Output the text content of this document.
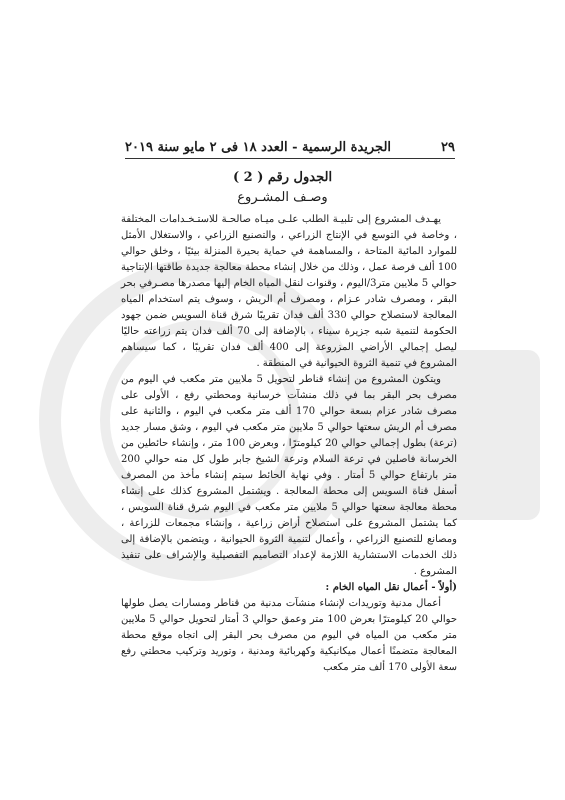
٢٩
الجريدة الرسمية - العدد ١٨ فى ٢ مايو سنة ٢٠١٩
الجدول رقم ( 2 )
وصـف المشـروع

يهـدف المشروع إلى تلبيـة الطلب علـى ميـاه صالحـة للاستـخـدامات المختلفة ، وخاصة في التوسع في الإنتاج الزراعي ، والتصنيع الزراعي ، والاستغلال الأمثل للموارد المائية المتاحة ، والمساهمة في حماية بحيرة المنزلة بيئيًا ، وخلق حوالي 100 ألف فرصة عمل ، وذلك من خلال إنشاء محطة معالجة جديدة طاقتها الإنتاجية حوالي 5 ملايين متر3/اليوم ، وقنوات لنقل المياه الخام إليها مصدرها مصـرفي بحر البقر ، ومصرف شادر عـزام ، ومصرف أم الريش ، وسوف يتم استخدام المياه المعالجة لاستصلاح حوالي 330 ألف فدان تقريبًا شرق قناة السويس ضمن جهود الحكومة لتنمية شبه جزيرة سيناء ، بالإضافة إلى 70 ألف فدان يتم زراعته حاليًا ليصل إجمالي الأراضي المزروعة إلى 400 ألف فدان تقريبًا ، كما سيساهم المشروع في تنمية الثروة الحيوانية في المنطقة .

ويتكون المشروع من إنشاء قناطر لتحويل 5 ملايين متر مكعب في اليوم من مصرف بحر البقر بما في ذلك منشآت خرسانية ومحطتي رفع ، الأولى على مصرف شادر عزام بسعة حوالي 170 ألف متر مكعب في اليوم ، والثانية على مصرف أم الريش سعتها حوالي 5 ملايين متر مكعب في اليوم ، وشق مسار جديد (ترعة) بطول إجمالي حوالي 20 كيلومترًا ، وبعرض 100 متر ، وإنشاء حائطين من الخرسانة فاصلين في ترعة السلام وترعة الشيخ جابر طول كل منه حوالي 200 متر بارتفاع حوالي 5 أمتار . وفي نهاية الحائط سيتم إنشاء مأخذ من المصرف أسفل قناة السويس إلى محطة المعالجة . ويشتمل المشروع كذلك على إنشاء محطة معالجة سعتها حوالي 5 ملايين متر مكعب في اليوم شرق قناة السويس ، كما يشتمل المشروع على استصلاح أراض زراعية ، وإنشاء مجمعات للزراعة ، ومصانع للتصنيع الزراعي ، وأعمال لتنمية الثروة الحيوانية ، ويتضمن بالإضافة إلى ذلك الخدمات الاستشارية اللازمة لإعداد التصاميم التفصيلية والإشراف على تنفيذ المشروع .

(أولاً - أعمال نقل المياه الخام :

أعمال مدنية وتوريدات لإنشاء منشآت مدنية من قناطر ومسارات يصل طولها حوالي 20 كيلومترًا بعرض 100 متر وعمق حوالي 3 أمتار لتحويل حوالي 5 ملايين متر مكعب من المياه في اليوم من مصرف بحر البقر إلى اتجاه موقع محطة المعالجة متضمنًا أعمال ميكانيكية وكهربائية ومدنية ، وتوريد وتركيب محطتي رفع سعة الأولى 170 ألف متر مكعب
